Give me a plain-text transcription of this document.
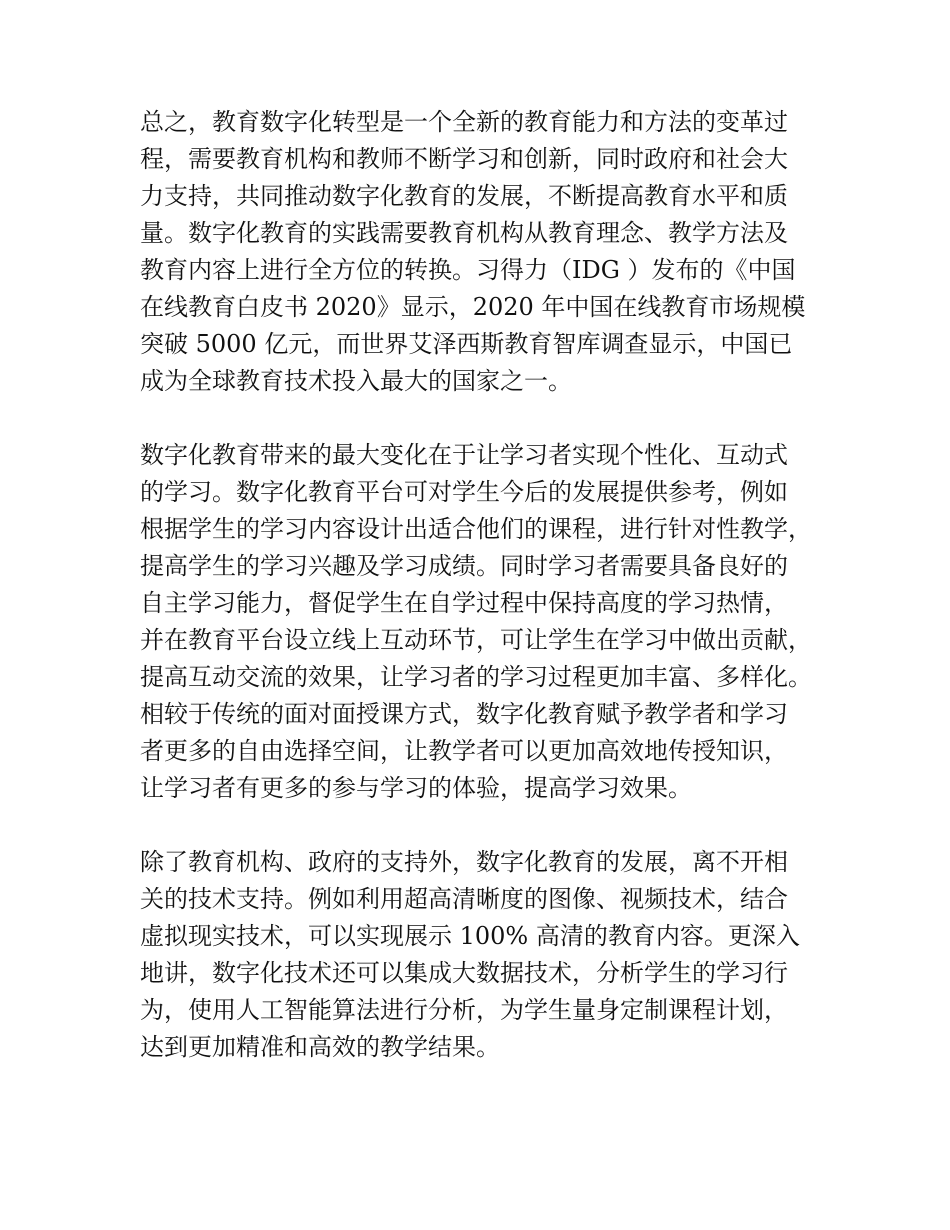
总之，教育数字化转型是一个全新的教育能力和方法的变革过
程，需要教育机构和教师不断学习和创新，同时政府和社会大
力支持，共同推动数字化教育的发展，不断提高教育水平和质
量。数字化教育的实践需要教育机构从教育理念、教学方法及
教育内容上进行全方位的转换。习得力（IDG ）发布的《中国
在线教育白皮书 2020》显示，2020 年中国在线教育市场规模
突破 5000 亿元，而世界艾泽西斯教育智库调查显示，中国已
成为全球教育技术投入最大的国家之一。

数字化教育带来的最大变化在于让学习者实现个性化、互动式
的学习。数字化教育平台可对学生今后的发展提供参考，例如
根据学生的学习内容设计出适合他们的课程，进行针对性教学，
提高学生的学习兴趣及学习成绩。同时学习者需要具备良好的
自主学习能力，督促学生在自学过程中保持高度的学习热情，
并在教育平台设立线上互动环节，可让学生在学习中做出贡献，
提高互动交流的效果，让学习者的学习过程更加丰富、多样化。
相较于传统的面对面授课方式，数字化教育赋予教学者和学习
者更多的自由选择空间，让教学者可以更加高效地传授知识，
让学习者有更多的参与学习的体验，提高学习效果。

除了教育机构、政府的支持外，数字化教育的发展，离不开相
关的技术支持。例如利用超高清晰度的图像、视频技术，结合
虚拟现实技术，可以实现展示 100% 高清的教育内容。更深入
地讲，数字化技术还可以集成大数据技术，分析学生的学习行
为，使用人工智能算法进行分析，为学生量身定制课程计划，
达到更加精准和高效的教学结果。
